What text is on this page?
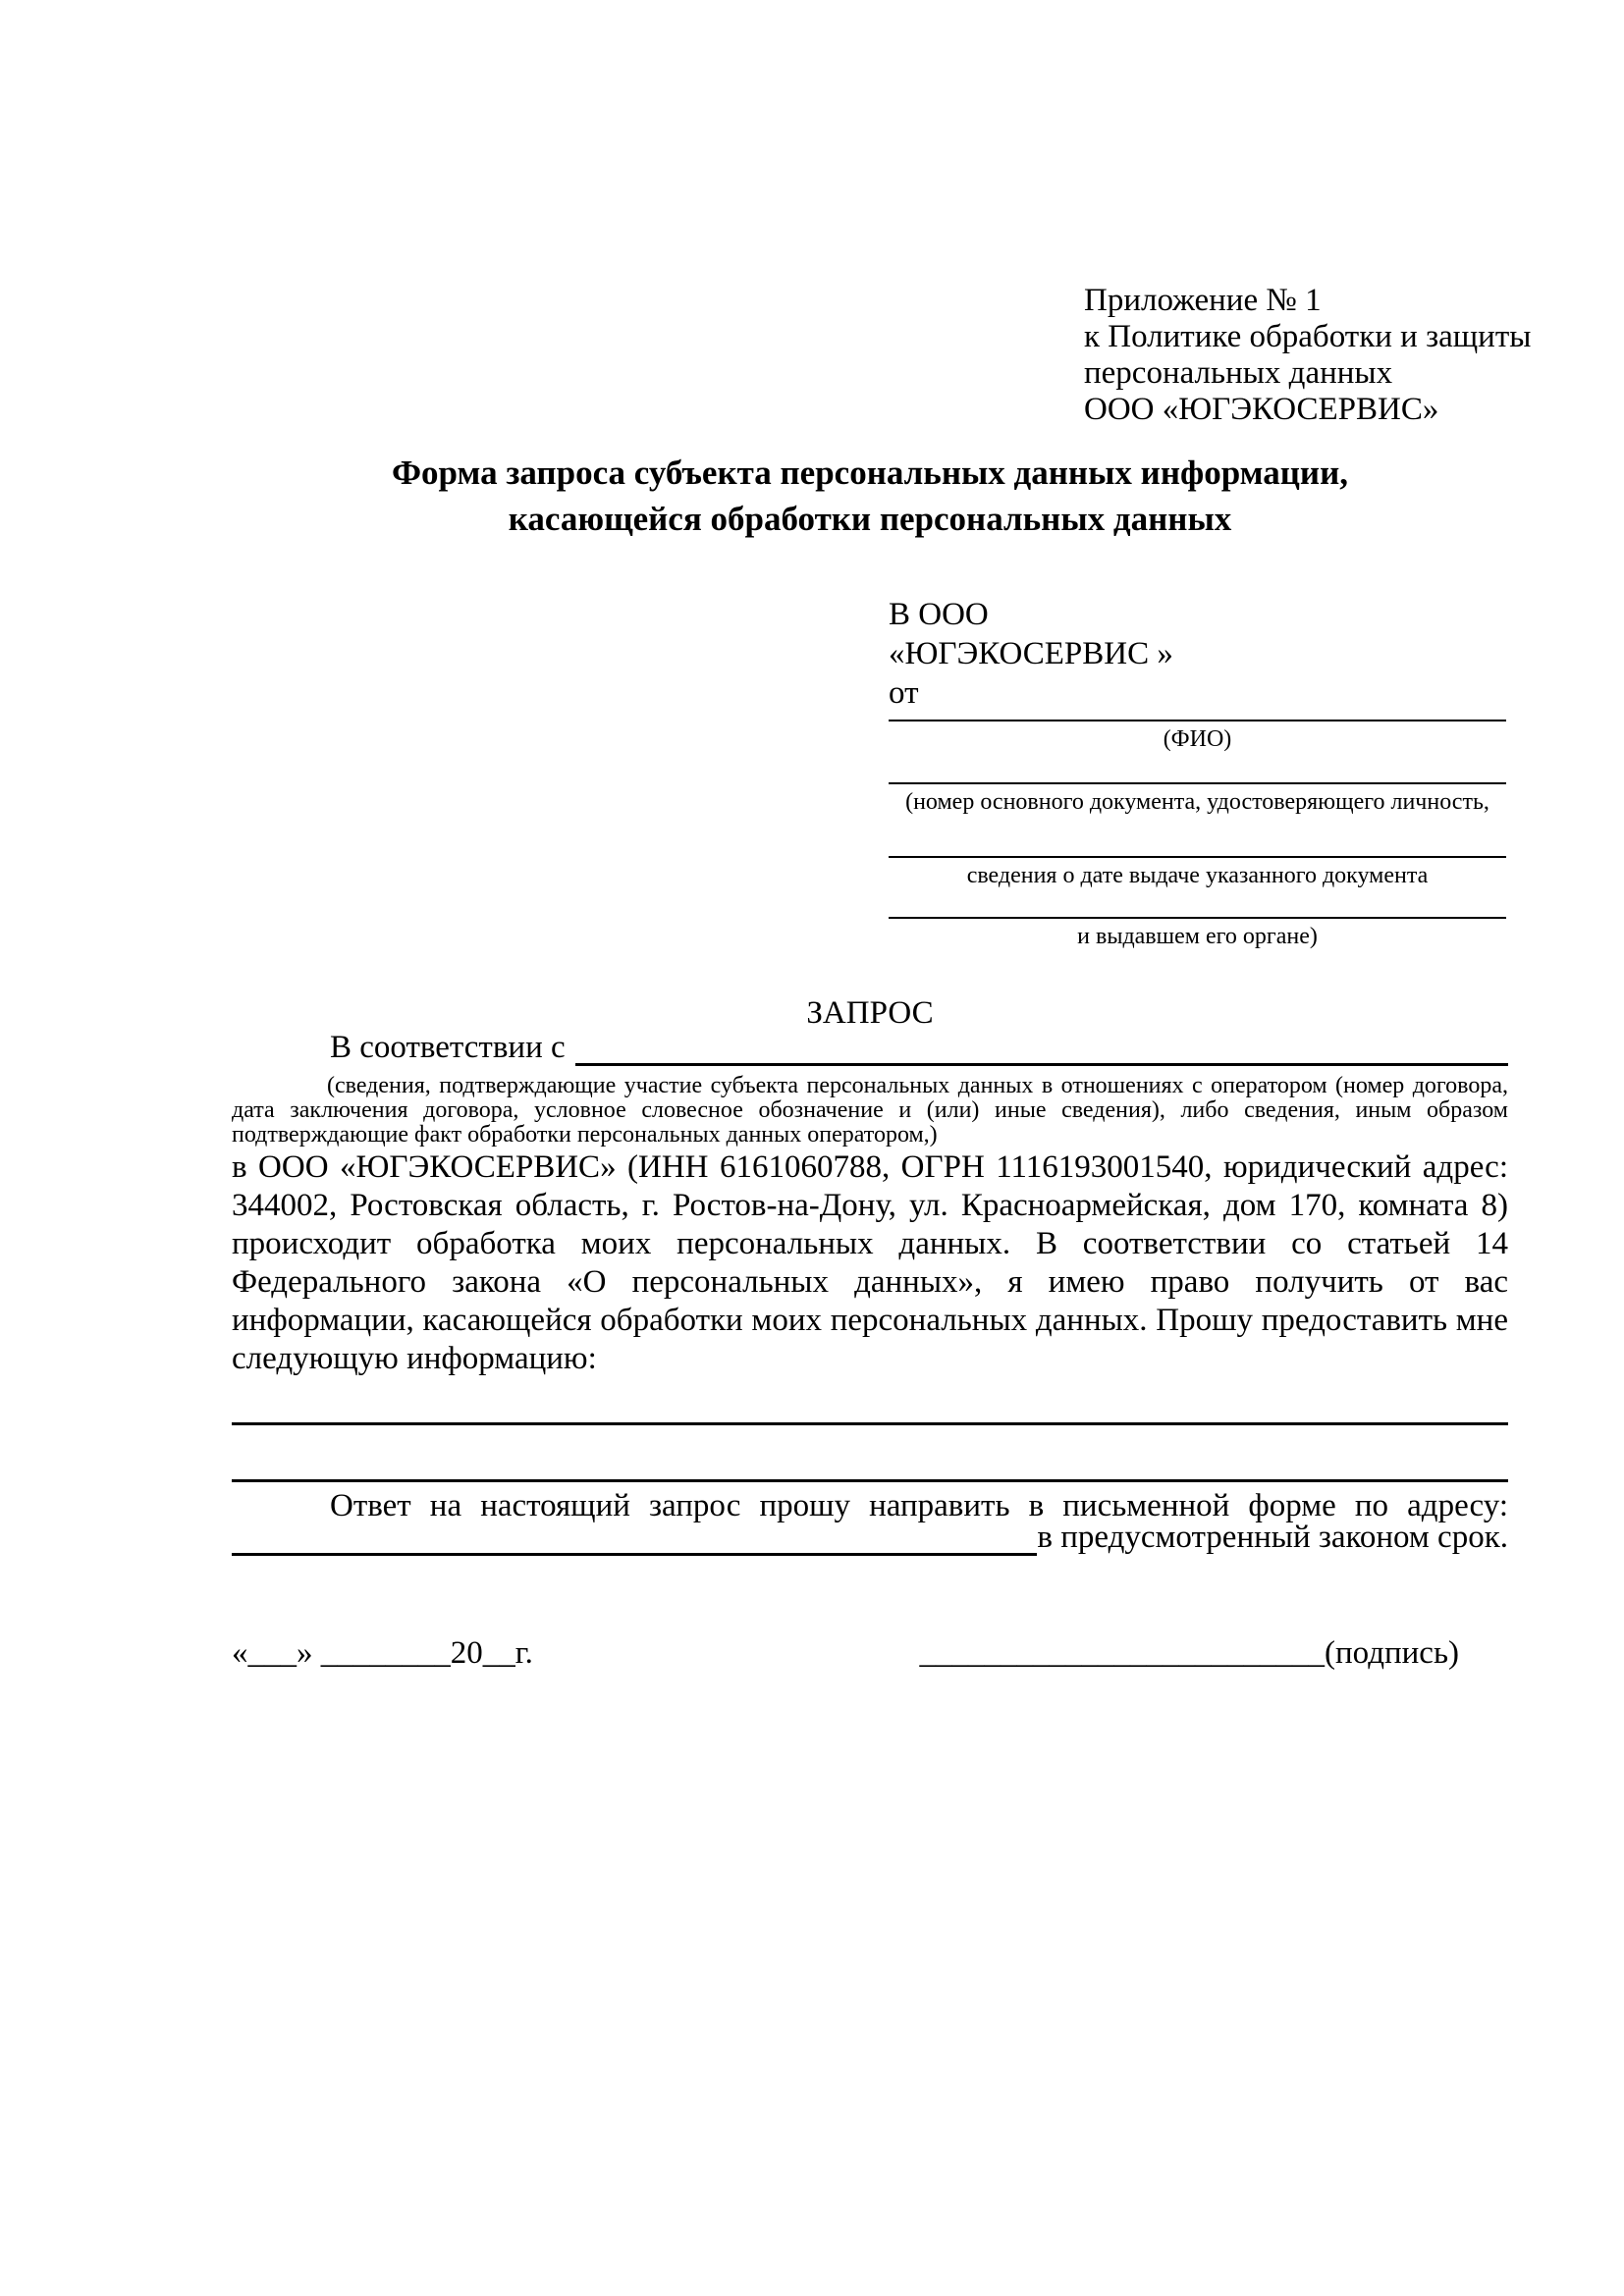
Приложение № 1
к Политике обработки и защиты
персональных данных
ООО «ЮГЭКОСЕРВИС»
Форма запроса субъекта персональных данных информации,
касающейся обработки персональных данных
В ООО
«ЮГЭКОСЕРВИС »
от
(ФИО)
(номер основного документа, удостоверяющего личность,
сведения о дате выдаче указанного документа
и выдавшем его органе)
ЗАПРОС
В соответствии с
(сведения, подтверждающие участие субъекта персональных данных в отношениях с оператором (номер договора, дата заключения договора, условное словесное обозначение и (или) иные сведения), либо сведения, иным образом подтверждающие факт обработки персональных данных оператором,)
в ООО «ЮГЭКОСЕРВИС» (ИНН 6161060788, ОГРН 1116193001540, юридический адрес: 344002, Ростовская область, г. Ростов-на-Дону, ул. Красноармейская, дом 170, комната 8) происходит обработка моих персональных данных. В соответствии со статьей 14 Федерального закона «О персональных данных», я имею право получить от вас информации, касающейся обработки моих персональных данных. Прошу предоставить мне следующую информацию:
Ответ на настоящий запрос прошу направить в письменной форме по адресу:
в предусмотренный законом срок.
«___» ________20__г.	_________________________(подпись)
